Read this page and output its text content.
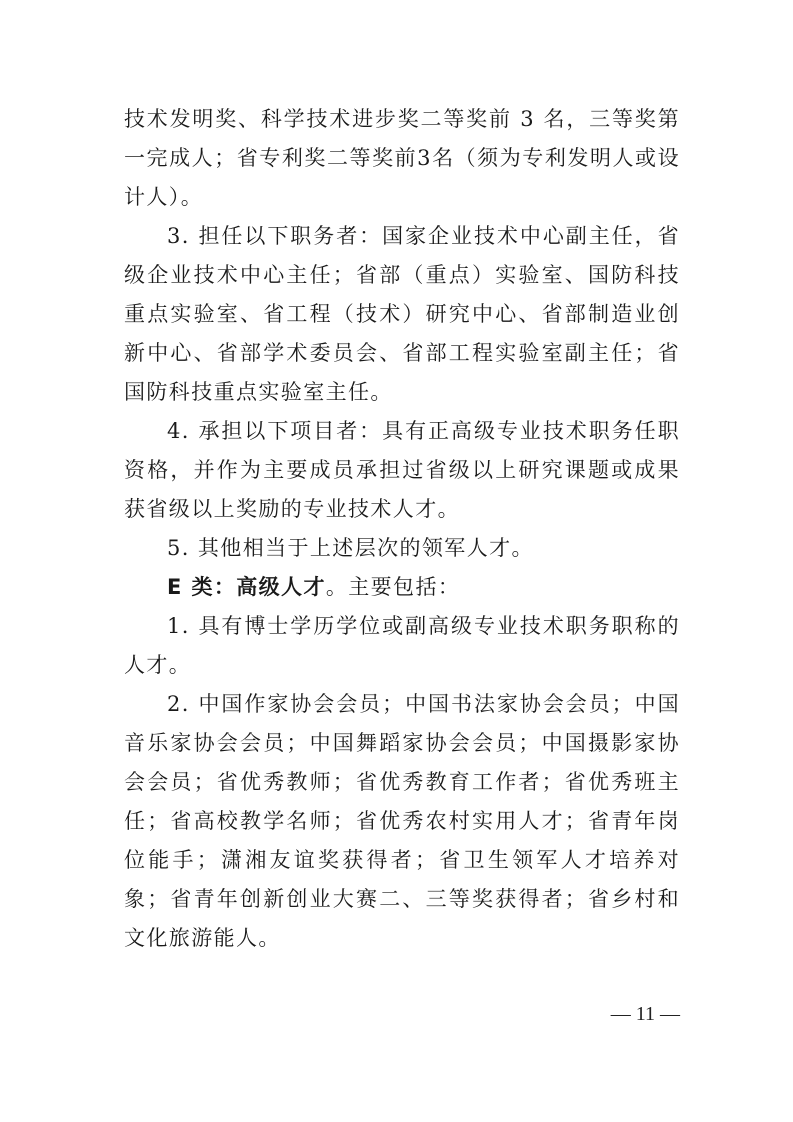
技术发明奖、科学技术进步奖二等奖前 3 名，三等奖第一完成人；省专利奖二等奖前3名（须为专利发明人或设计人）。

3. 担任以下职务者：国家企业技术中心副主任，省级企业技术中心主任；省部（重点）实验室、国防科技重点实验室、省工程（技术）研究中心、省部制造业创新中心、省部学术委员会、省部工程实验室副主任；省国防科技重点实验室主任。

4. 承担以下项目者：具有正高级专业技术职务任职资格，并作为主要成员承担过省级以上研究课题或成果获省级以上奖励的专业技术人才。

5. 其他相当于上述层次的领军人才。

E 类：高级人才。主要包括：

1. 具有博士学历学位或副高级专业技术职务职称的人才。

2. 中国作家协会会员；中国书法家协会会员；中国音乐家协会会员；中国舞蹈家协会会员；中国摄影家协会会员；省优秀教师；省优秀教育工作者；省优秀班主任；省高校教学名师；省优秀农村实用人才；省青年岗位能手；潇湘友谊奖获得者；省卫生领军人才培养对象；省青年创新创业大赛二、三等奖获得者；省乡村和文化旅游能人。

— 11 —
